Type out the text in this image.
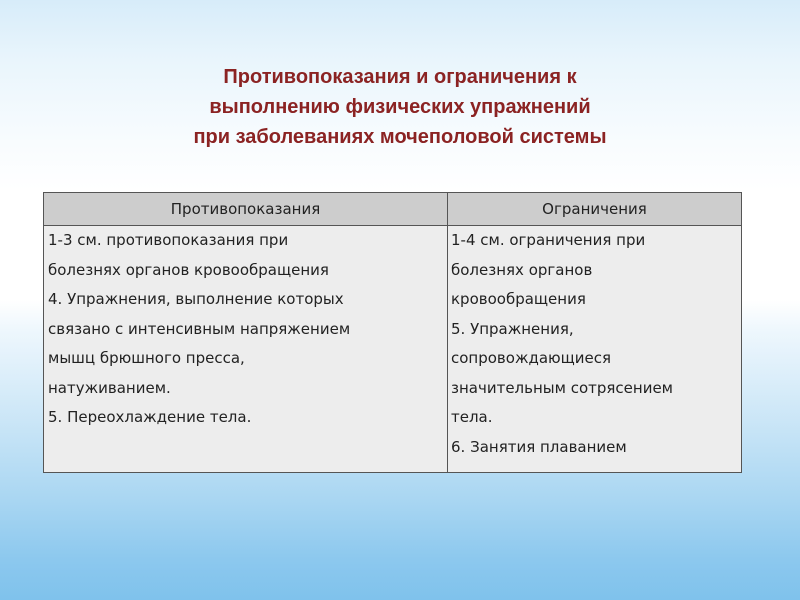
Противопоказания и ограничения к
выполнению физических упражнений
при заболеваниях мочеполовой системы
Противопоказания	Ограничения
1-3 см. противопоказания при
болезнях органов кровообращения
4. Упражнения, выполнение которых
связано с интенсивным напряжением
мышц брюшного пресса,
натуживанием.
5. Переохлаждение тела.
1-4 см. ограничения при
болезнях органов
кровообращения
5. Упражнения,
сопровождающиеся
значительным сотрясением
тела.
6. Занятия плаванием
